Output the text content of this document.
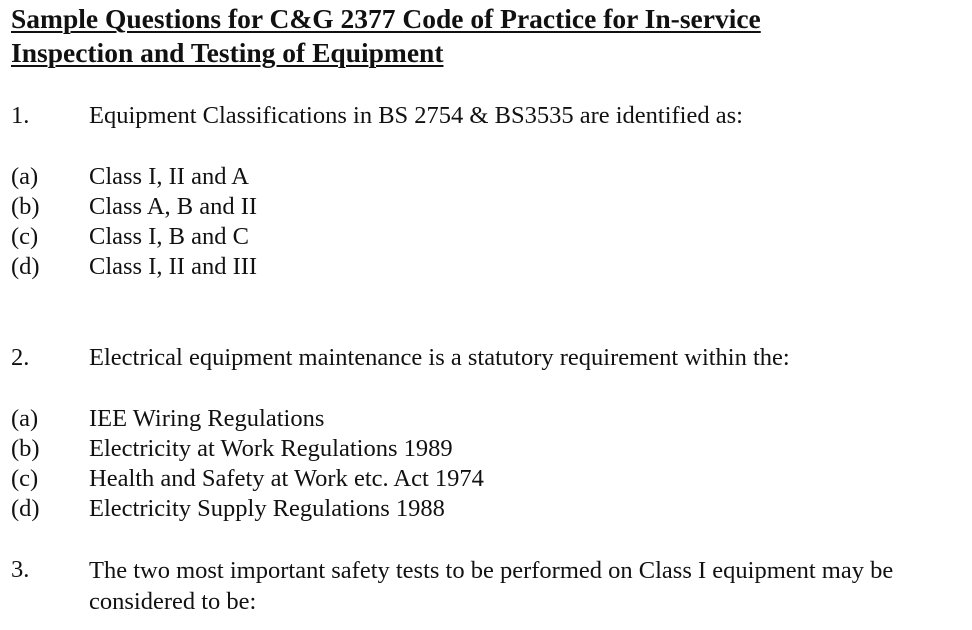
Sample Questions for C&G 2377 Code of Practice for In-service
Inspection and Testing of Equipment
1. Equipment Classifications in BS 2754 & BS3535 are identified as:
(a) Class I, II and A
(b) Class A, B and II
(c) Class I, B and C
(d) Class I, II and III
2. Electrical equipment maintenance is a statutory requirement within the:
(a) IEE Wiring Regulations
(b) Electricity at Work Regulations 1989
(c) Health and Safety at Work etc. Act 1974
(d) Electricity Supply Regulations 1988
3. The two most important safety tests to be performed on Class I equipment may be considered to be:
